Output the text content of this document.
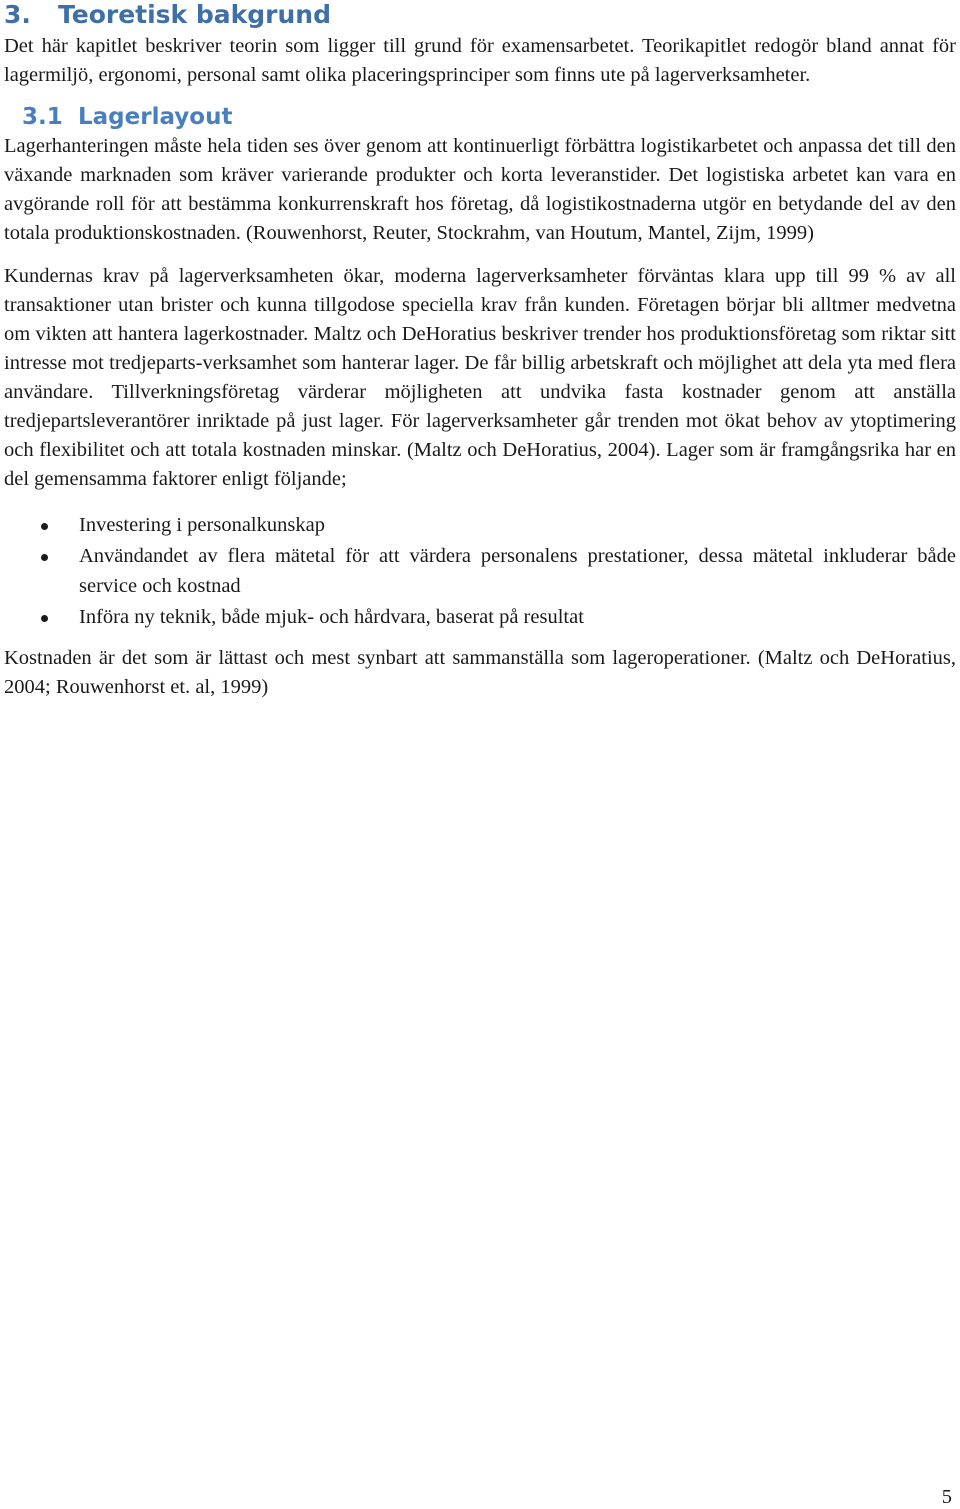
3. Teoretisk bakgrund

Det här kapitlet beskriver teorin som ligger till grund för examensarbetet. Teorikapitlet redogör bland annat för lagermiljö, ergonomi, personal samt olika placeringsprinciper som finns ute på lagerverksamheter.

3.1 Lagerlayout

Lagerhanteringen måste hela tiden ses över genom att kontinuerligt förbättra logistikarbetet och anpassa det till den växande marknaden som kräver varierande produkter och korta leveranstider. Det logistiska arbetet kan vara en avgörande roll för att bestämma konkurrenskraft hos företag, då logistikostnaderna utgör en betydande del av den totala produktionskostnaden. (Rouwenhorst, Reuter, Stockrahm, van Houtum, Mantel, Zijm, 1999)

Kundernas krav på lagerverksamheten ökar, moderna lagerverksamheter förväntas klara upp till 99 % av all transaktioner utan brister och kunna tillgodose speciella krav från kunden. Företagen börjar bli alltmer medvetna om vikten att hantera lagerkostnader. Maltz och DeHoratius beskriver trender hos produktionsföretag som riktar sitt intresse mot tredjeparts-verksamhet som hanterar lager. De får billig arbetskraft och möjlighet att dela yta med flera användare. Tillverkningsföretag värderar möjligheten att undvika fasta kostnader genom att anställa tredjepartsleverantörer inriktade på just lager. För lagerverksamheter går trenden mot ökat behov av ytoptimering och flexibilitet och att totala kostnaden minskar. (Maltz och DeHoratius, 2004). Lager som är framgångsrika har en del gemensamma faktorer enligt följande;

Investering i personalkunskap
Användandet av flera mätetal för att värdera personalens prestationer, dessa mätetal inkluderar både service och kostnad
Införa ny teknik, både mjuk- och hårdvara, baserat på resultat

Kostnaden är det som är lättast och mest synbart att sammanställa som lageroperationer. (Maltz och DeHoratius, 2004; Rouwenhorst et. al, 1999)

5
